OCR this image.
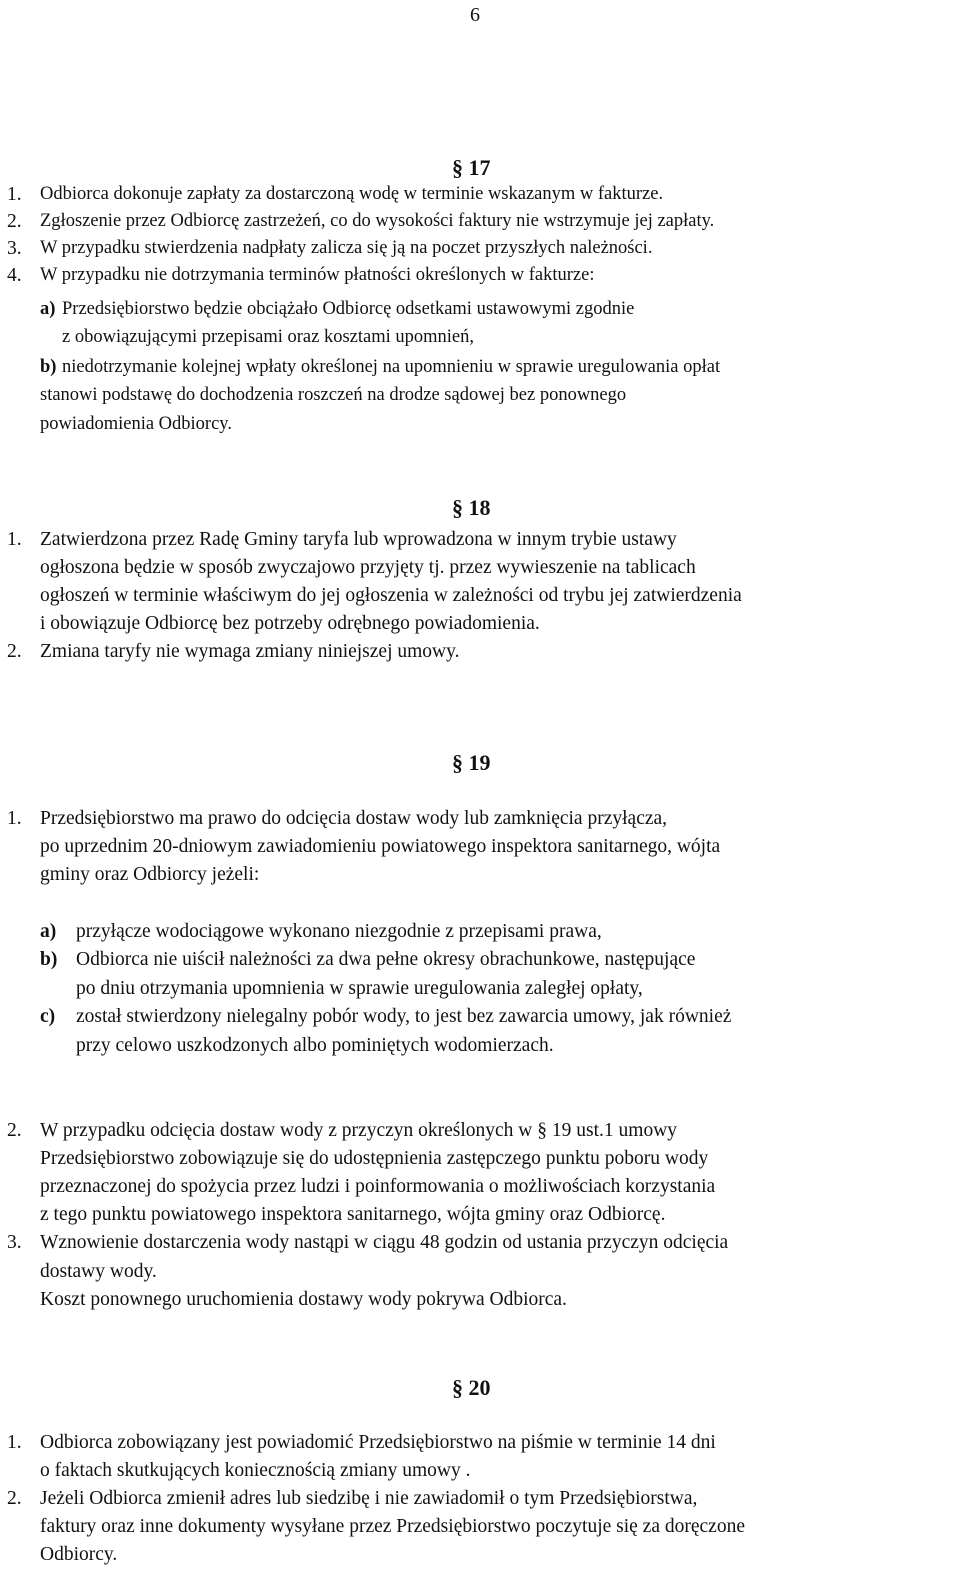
6
§ 17
1. Odbiorca dokonuje zapłaty za dostarczoną wodę w terminie wskazanym w fakturze.
2. Zgłoszenie przez Odbiorcę zastrzeżeń, co do wysokości faktury nie wstrzymuje jej zapłaty.
3. W przypadku stwierdzenia nadpłaty zalicza się ją na poczet przyszłych należności.
4. W przypadku nie dotrzymania terminów płatności określonych w fakturze:
a) Przedsiębiorstwo będzie obciążało Odbiorcę odsetkami ustawowymi zgodnie
z obowiązującymi przepisami oraz kosztami upomnień,
b) niedotrzymanie kolejnej wpłaty określonej na upomnieniu w sprawie uregulowania opłat
stanowi podstawę do dochodzenia roszczeń na drodze sądowej bez ponownego
powiadomienia Odbiorcy.
§ 18
1. Zatwierdzona przez Radę Gminy taryfa lub wprowadzona w innym trybie ustawy
ogłoszona będzie w sposób zwyczajowo przyjęty tj. przez wywieszenie na tablicach
ogłoszeń w terminie właściwym do jej ogłoszenia w zależności od trybu jej zatwierdzenia
i obowiązuje Odbiorcę bez potrzeby odrębnego powiadomienia.
2. Zmiana taryfy nie wymaga zmiany niniejszej umowy.
§ 19
1. Przedsiębiorstwo ma prawo do odcięcia dostaw wody lub zamknięcia przyłącza,
po uprzednim 20-dniowym zawiadomieniu powiatowego inspektora sanitarnego, wójta
gminy oraz Odbiorcy jeżeli:
a) przyłącze wodociągowe wykonano niezgodnie z przepisami prawa,
b) Odbiorca nie uiścił należności za dwa pełne okresy obrachunkowe, następujące
po dniu otrzymania upomnienia w sprawie uregulowania zaległej opłaty,
c) został stwierdzony nielegalny pobór wody, to jest bez zawarcia umowy, jak również
przy celowo uszkodzonych albo pominiętych wodomierzach.
2. W przypadku odcięcia dostaw wody z przyczyn określonych w § 19 ust.1 umowy
Przedsiębiorstwo zobowiązuje się do udostępnienia zastępczego punktu poboru wody
przeznaczonej do spożycia przez ludzi i poinformowania o możliwościach korzystania
z tego punktu powiatowego inspektora sanitarnego, wójta gminy oraz Odbiorcę.
3. Wznowienie dostarczenia wody nastąpi w ciągu 48 godzin od ustania przyczyn odcięcia
dostawy wody.
Koszt ponownego uruchomienia dostawy wody pokrywa Odbiorca.
§ 20
1. Odbiorca zobowiązany jest powiadomić Przedsiębiorstwo na piśmie w terminie 14 dni
o faktach skutkujących koniecznością zmiany umowy .
2. Jeżeli Odbiorca zmienił adres lub siedzibę i nie zawiadomił o tym Przedsiębiorstwa,
faktury oraz inne dokumenty wysyłane przez Przedsiębiorstwo poczytuje się za doręczone
Odbiorcy.
